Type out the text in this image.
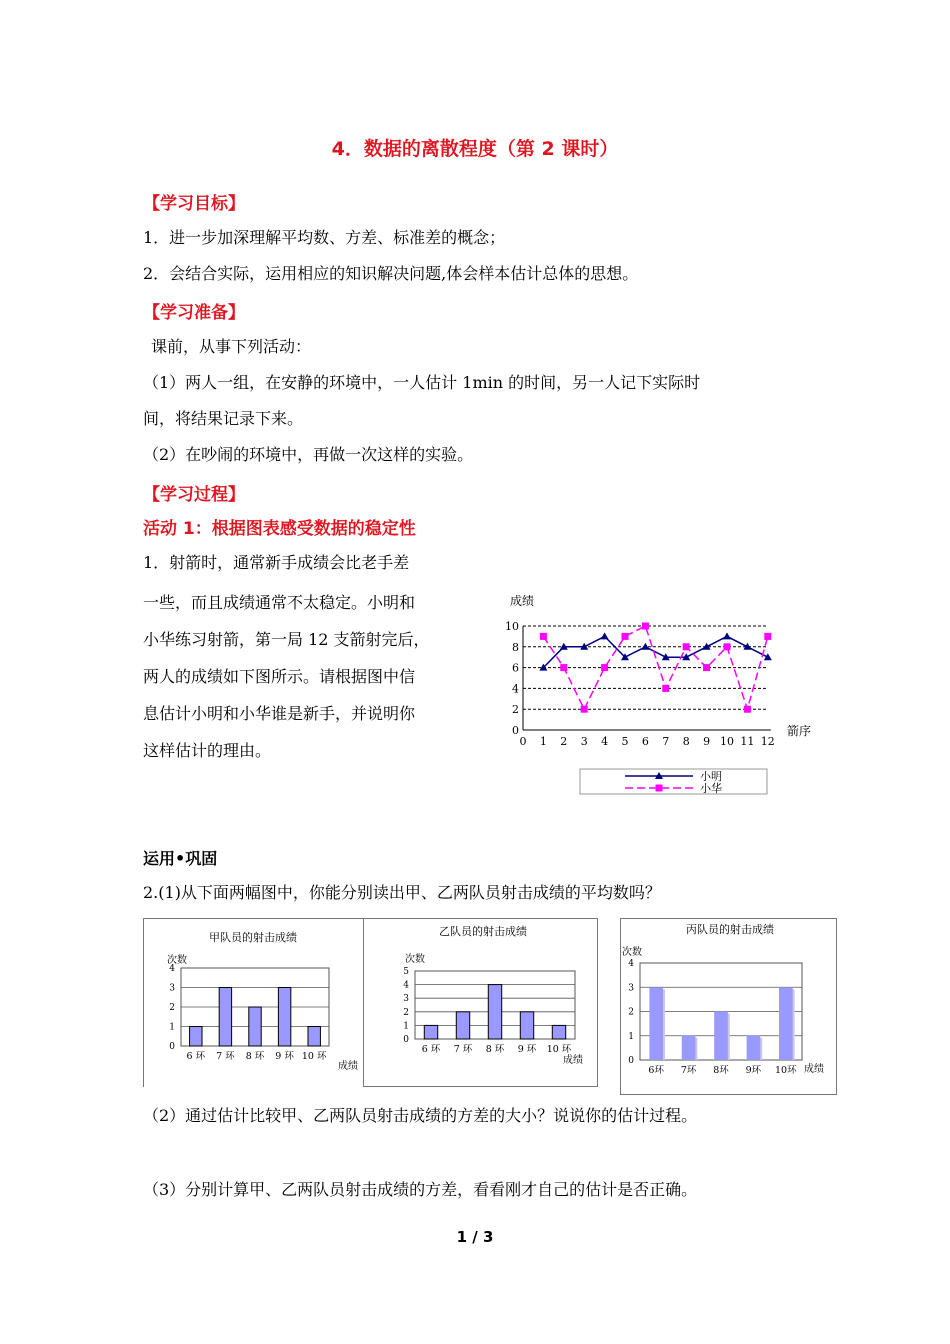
4．数据的离散程度（第 2 课时）
【学习目标】
1．进一步加深理解平均数、方差、标准差的概念；
2．会结合实际，运用相应的知识解决问题,体会样本估计总体的思想。
【学习准备】
课前，从事下列活动：
（1）两人一组，在安静的环境中，一人估计 1min 的时间，另一人记下实际时
间，将结果记录下来。
（2）在吵闹的环境中，再做一次这样的实验。
【学习过程】
活动 1：根据图表感受数据的稳定性
1．射箭时，通常新手成绩会比老手差
一些，而且成绩通常不太稳定。小明和
小华练习射箭，第一局 12 支箭射完后，
两人的成绩如下图所示。请根据图中信
息估计小明和小华谁是新手，并说明你
这样估计的理由。
成绩
0
2
4
6
8
10
0 1 2 3 4 5 6 7 8 9 10 11 12
箭序
小明
小华
运用•巩固
2.(1)从下面两幅图中，你能分别读出甲、乙两队员射击成绩的平均数吗？
甲队员的射击成绩
次数
0
1
2
3
4
6 环 7 环 8 环 9 环 10 环
成绩
乙队员的射击成绩
次数
0
1
2
3
4
5
6 环 7 环 8 环 9 环 10 环
成绩
丙队员的射击成绩
次数
0
1
2
3
4
6环 7环 8环 9环 10环 成绩
（2）通过估计比较甲、乙两队员射击成绩的方差的大小？说说你的估计过程。
（3）分别计算甲、乙两队员射击成绩的方差，看看刚才自己的估计是否正确。
1 / 3
